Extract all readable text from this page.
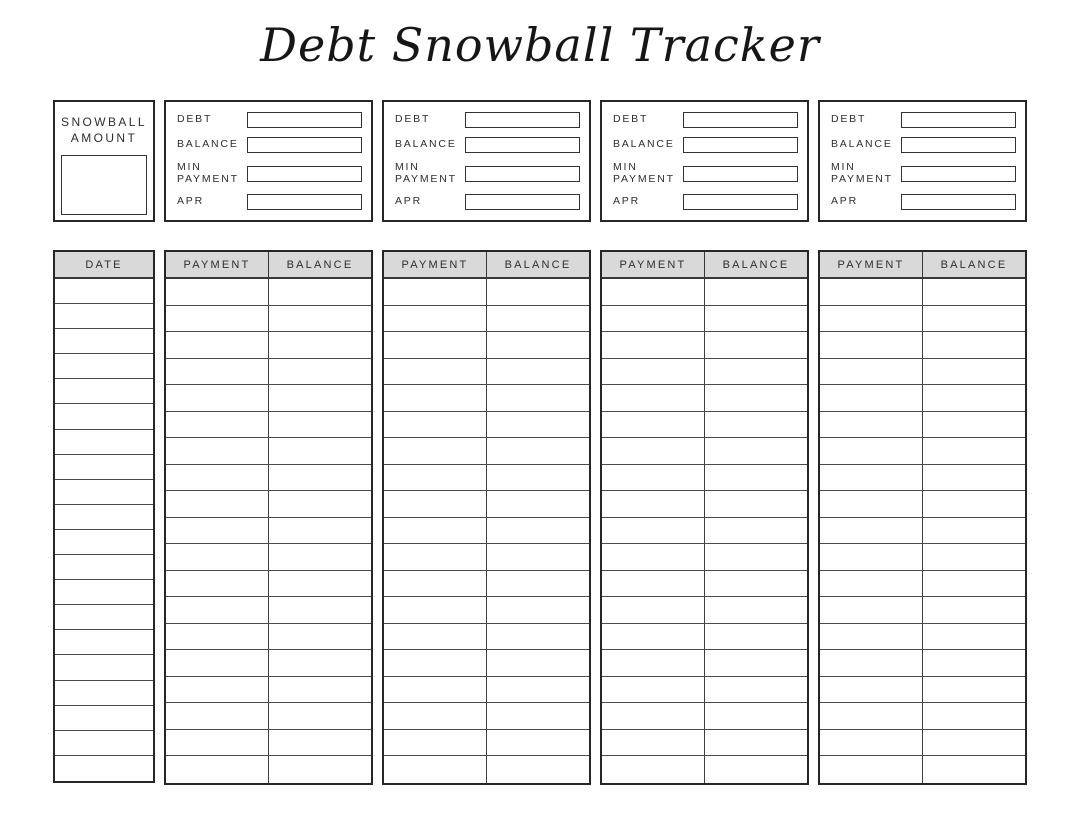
Debt Snowball Tracker
SNOWBALL
AMOUNT
DEBT
BALANCE
MIN PAYMENT
APR
DEBT
BALANCE
MIN PAYMENT
APR
DEBT
BALANCE
MIN PAYMENT
APR
DEBT
BALANCE
MIN PAYMENT
APR
DATE	PAYMENT	BALANCE	PAYMENT	BALANCE	PAYMENT	BALANCE	PAYMENT	BALANCE
